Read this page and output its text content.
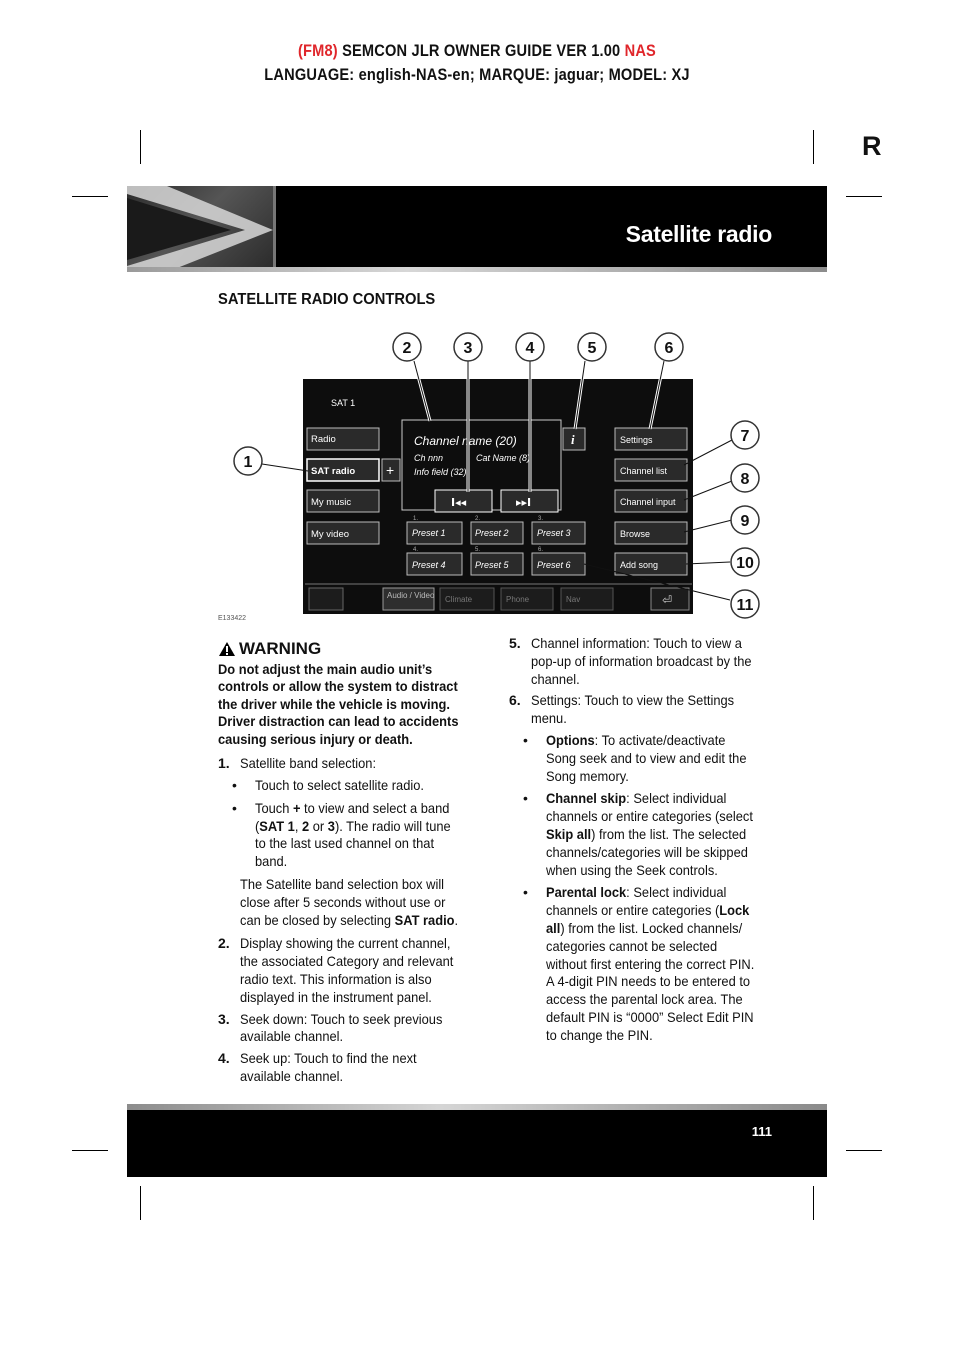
(FM8) SEMCON JLR OWNER GUIDE VER 1.00 NAS
LANGUAGE: english-NAS-en; MARQUE: jaguar; MODEL: XJ
R
Satellite radio
SATELLITE RADIO CONTROLS
SAT 1
Radio
SAT radio +
My music
My video
Channel name (20)
Ch nnn	Cat Name (8)
Info field (32)
i
I◂◂	▸▸I
Preset 1	Preset 2	Preset 3
Preset 4	Preset 5	Preset 6
1.	2.	3.
4.	5.	6.
Settings
Channel list
Channel input
Browse
Add song
Audio / Video Climate	Phone	Nav	⏎
1
2	3	4	5	6
7
8
9
10
11
E133422
WARNING

Do not adjust the main audio unit’s controls or allow the system to distract the driver while the vehicle is moving. Driver distraction can lead to accidents causing serious injury or death.

1. Satellite band selection:
•	Touch to select satellite radio.
•	Touch + to view and select a band (SAT 1, 2 or 3). The radio will tune to the last used channel on that band.

The Satellite band selection box will close after 5 seconds without use or can be closed by selecting SAT radio.

2. Display showing the current channel, the associated Category and relevant radio text. This information is also displayed in the instrument panel.
3. Seek down: Touch to seek previous available channel.
4. Seek up: Touch to find the next available channel.
5. Channel information: Touch to view a pop-up of information broadcast by the channel.
6. Settings: Touch to view the Settings menu.
•	Options: To activate/deactivate Song seek and to view and edit the Song memory.
•	Channel skip: Select individual channels or entire categories (select Skip all) from the list. The selected channels/categories will be skipped when using the Seek controls.
•	Parental lock: Select individual channels or entire categories (Lock all) from the list. Locked channels/ categories cannot be selected without first entering the correct PIN. A 4-digit PIN needs to be entered to access the parental lock area. The default PIN is “0000” Select Edit PIN to change the PIN.
111
